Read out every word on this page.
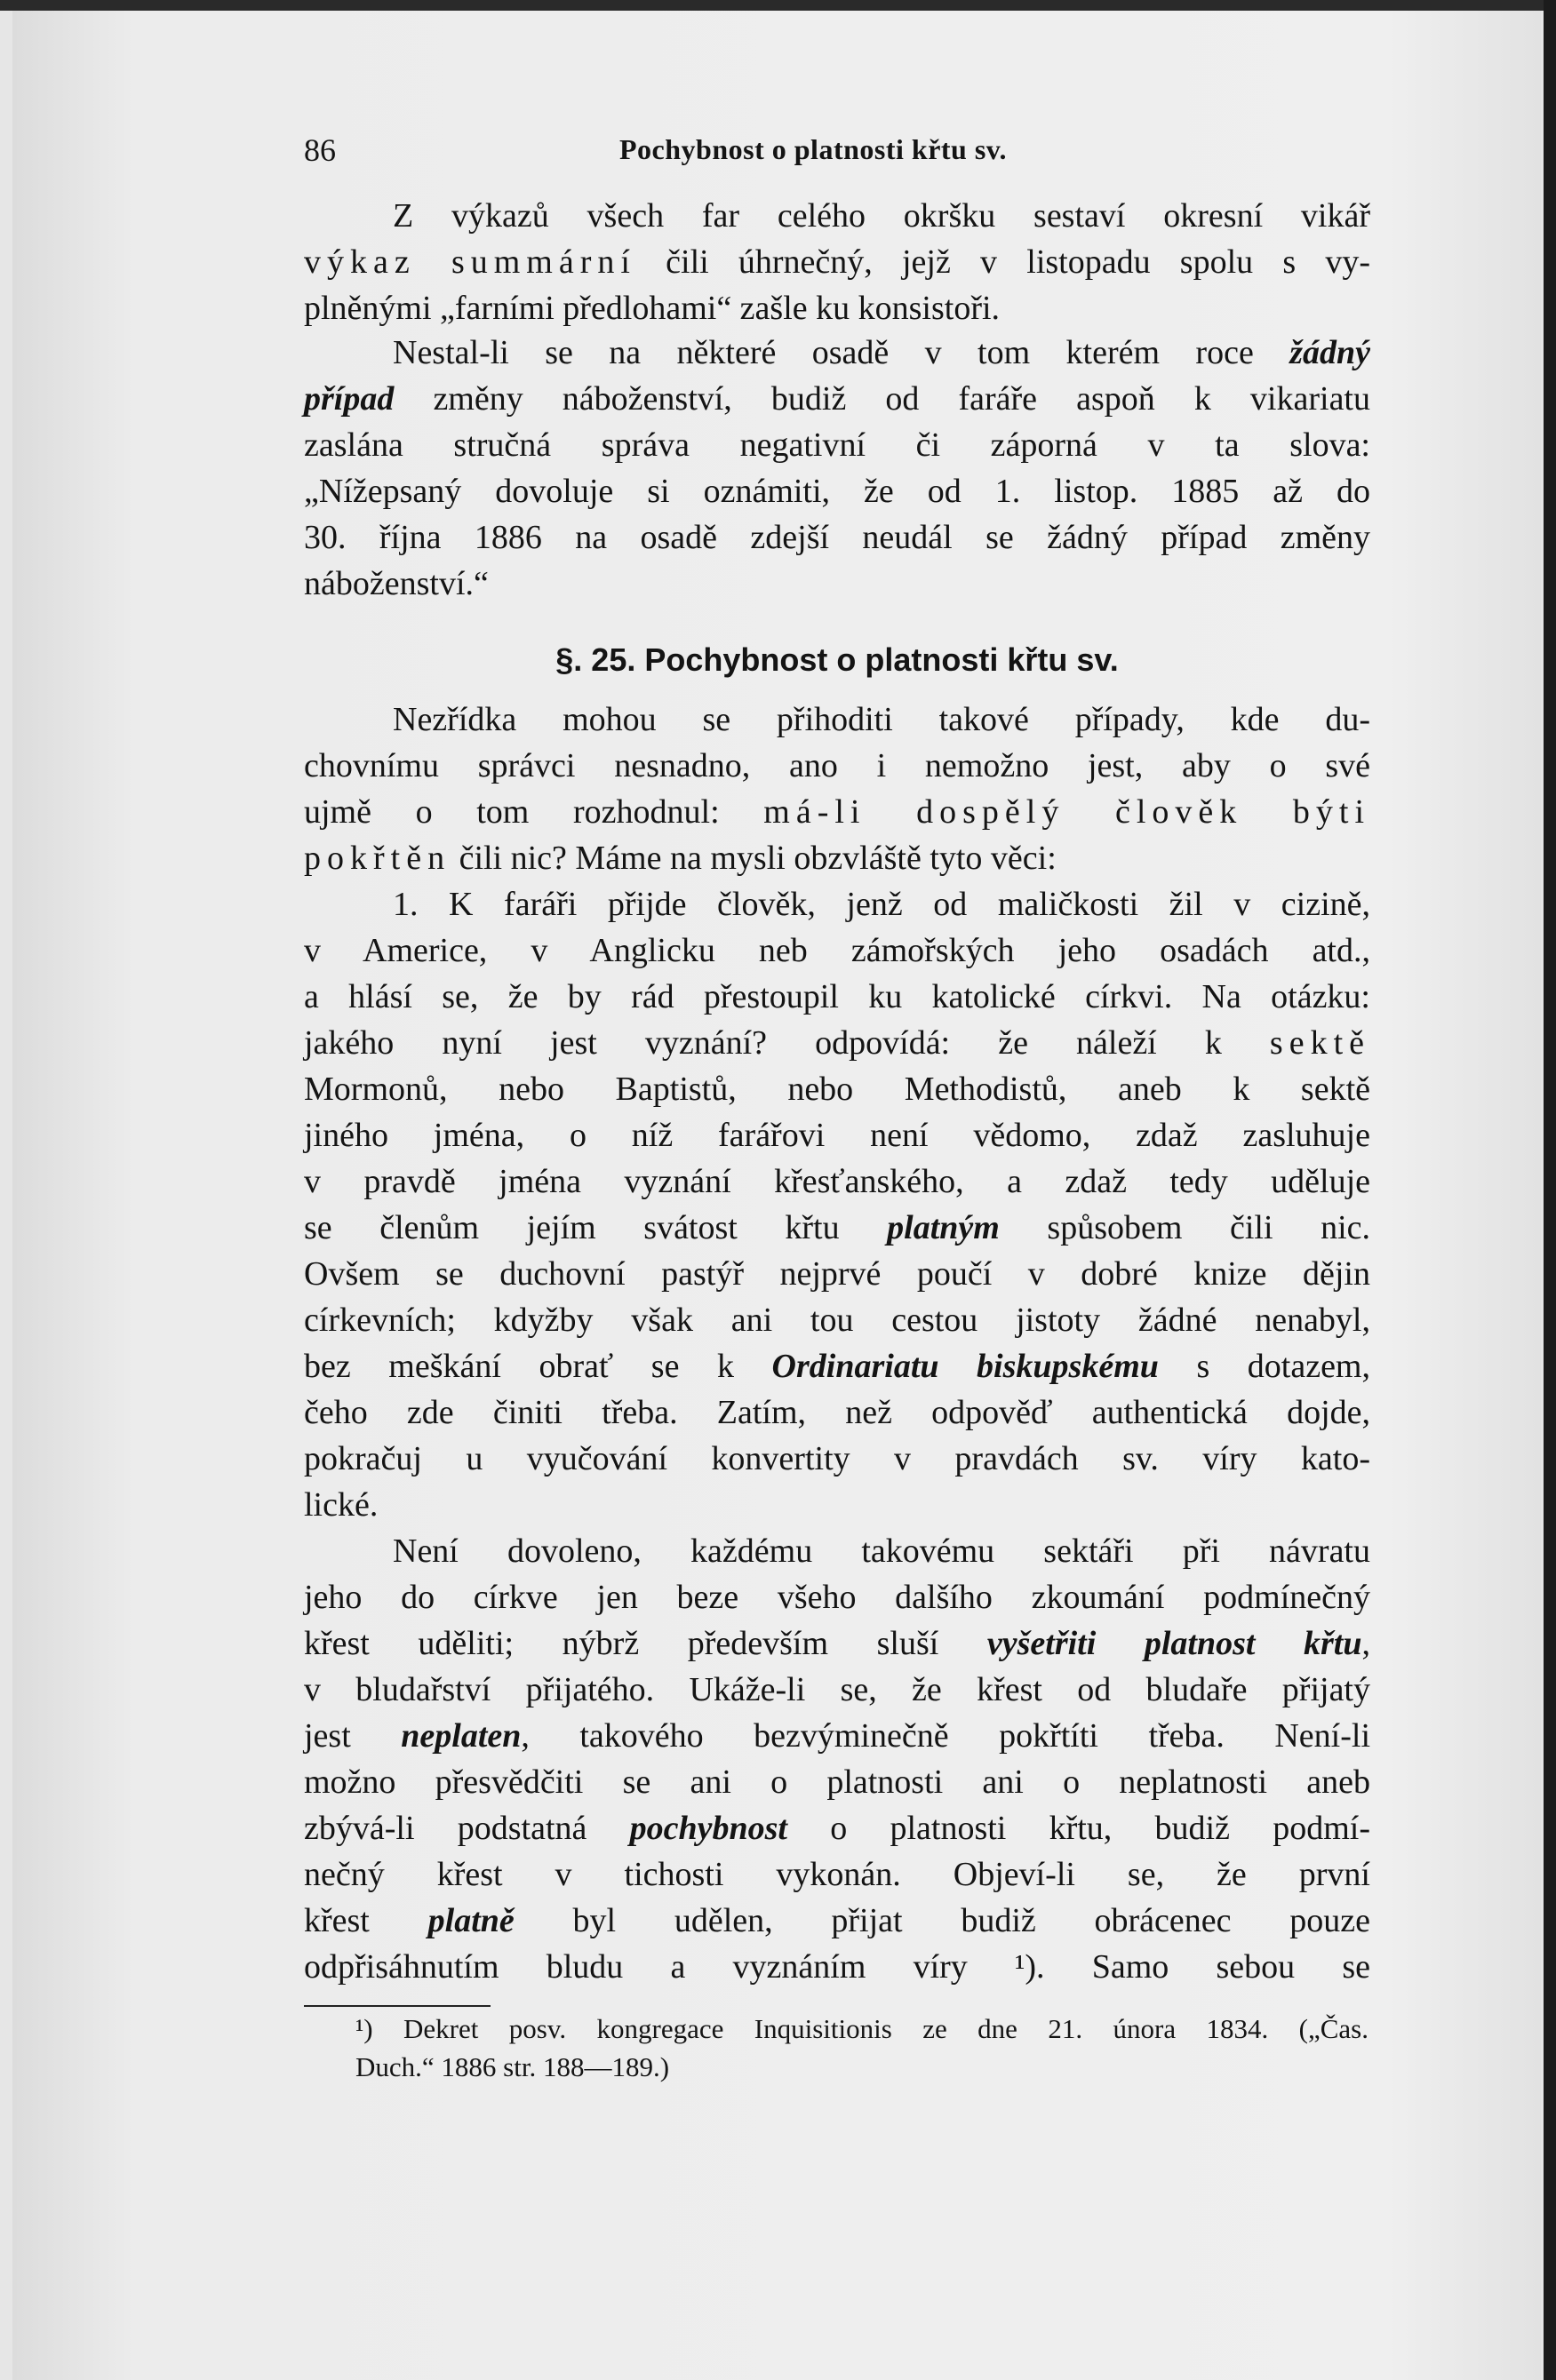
86	Pochybnost o platnosti křtu sv.
Z výkazů všech far celého okršku sestaví okresní vikář
výkaz summární čili úhrnečný, jejž v listopadu spolu s vy-
plněnými „farními předlohami“ zašle ku konsistoři.
Nestal-li se na některé osadě v tom kterém roce žádný
případ změny náboženství, budiž od faráře aspoň k vikariatu
zaslána stručná správa negativní či záporná v ta slova:
„Nížepsaný dovoluje si oznámiti, že od 1. listop. 1885 až do
30. října 1886 na osadě zdejší neudál se žádný případ změny
náboženství.“
§. 25. Pochybnost o platnosti křtu sv.
Nezřídka mohou se přihoditi takové případy, kde du-
chovnímu správci nesnadno, ano i nemožno jest, aby o své
ujmě o tom rozhodnul: má-li dospělý člověk býti
pokřtěn čili nic? Máme na mysli obzvláště tyto věci:
1. K faráři přijde člověk, jenž od maličkosti žil v cizině,
v Americe, v Anglicku neb zámořských jeho osadách atd.,
a hlásí se, že by rád přestoupil ku katolické církvi. Na otázku:
jakého nyní jest vyznání? odpovídá: že náleží k sektě
Mormonů, nebo Baptistů, nebo Methodistů, aneb k sektě
jiného jména, o níž farářovi není vědomo, zdaž zasluhuje
v pravdě jména vyznání křesťanského, a zdaž tedy uděluje
se členům jejím svátost křtu platným spůsobem čili nic.
Ovšem se duchovní pastýř nejprvé poučí v dobré knize dějin
církevních; kdyžby však ani tou cestou jistoty žádné nenabyl,
bez meškání obrať se k Ordinariatu biskupskému s dotazem,
čeho zde činiti třeba. Zatím, než odpověď authentická dojde,
pokračuj u vyučování konvertity v pravdách sv. víry kato-
lické.
Není dovoleno, každému takovému sektáři při návratu
jeho do církve jen beze všeho dalšího zkoumání podmínečný
křest uděliti; nýbrž především sluší vyšetřiti platnost křtu,
v bludařství přijatého. Ukáže-li se, že křest od bludaře přijatý
jest neplaten, takového bezvýminečně pokřtíti třeba. Není-li
možno přesvědčiti se ani o platnosti ani o neplatnosti aneb
zbývá-li podstatná pochybnost o platnosti křtu, budiž podmí-
nečný křest v tichosti vykonán. Objeví-li se, že první
křest platně byl udělen, přijat budiž obrácenec pouze
odpřisáhnutím bludu a vyznáním víry ¹). Samo sebou se
¹) Dekret posv. kongregace Inquisitionis ze dne 21. února 1834. („Čas.
Duch.“ 1886 str. 188—189.)
